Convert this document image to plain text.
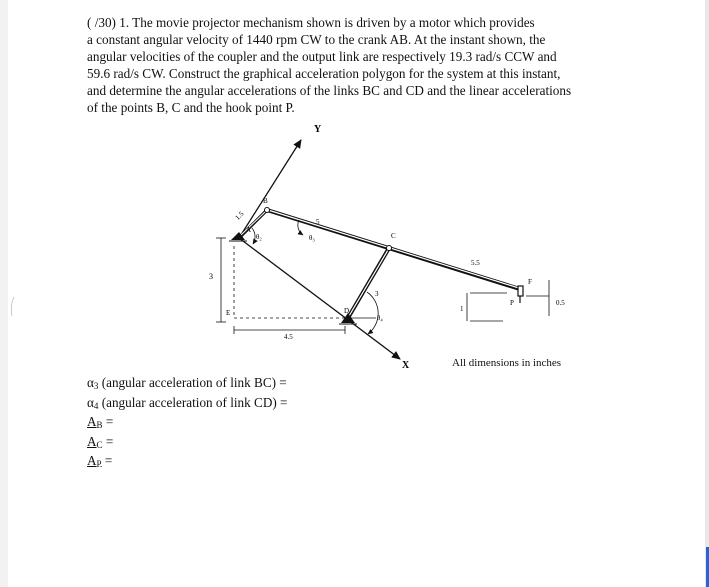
( /30) 1. The movie projector mechanism shown is driven by a motor which provides
a constant angular velocity of 1440 rpm CW to the crank AB. At the instant shown, the
angular velocities of the coupler and the output link are respectively 19.3 rad/s CCW and
59.6 rad/s CW. Construct the graphical acceleration polygon for the system at this instant,
and determine the angular accelerations of the links BC and CD and the linear accelerations
of the points B, C and the hook point P.
Y
X
3
4.5
A
B
C
D
E
F
P
1.5
5
3
5.5
θ₂	θ₃
θ₄
1
0.5
All dimensions in inches
$\alpha_3$ (angular acceleration of link BC) =
$\alpha_4$ (angular acceleration of link CD) =
$A_B$ =
$A_C$ =
$A_P$ =
